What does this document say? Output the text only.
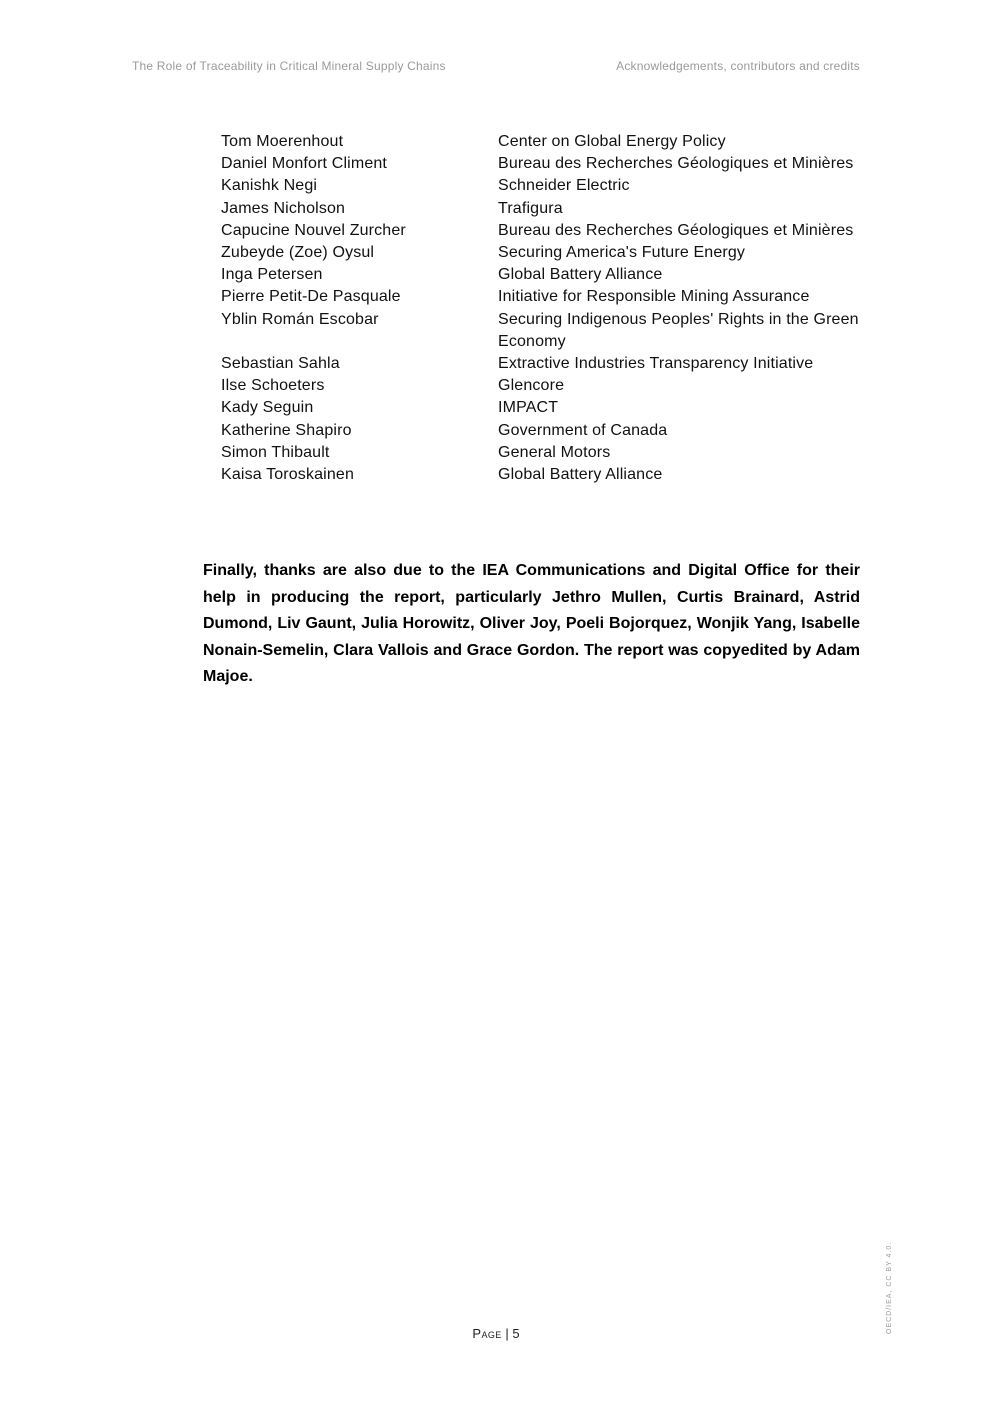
The Role of Traceability in Critical Mineral Supply Chains	Acknowledgements, contributors and credits
Tom Moerenhout	Center on Global Energy Policy
Daniel Monfort Climent	Bureau des Recherches Géologiques et Minières
Kanishk Negi	Schneider Electric
James Nicholson	Trafigura
Capucine Nouvel Zurcher	Bureau des Recherches Géologiques et Minières
Zubeyde (Zoe) Oysul	Securing America's Future Energy
Inga Petersen	Global Battery Alliance
Pierre Petit-De Pasquale	Initiative for Responsible Mining Assurance
Yblin Román Escobar	Securing Indigenous Peoples' Rights in the Green Economy
Sebastian Sahla	Extractive Industries Transparency Initiative
Ilse Schoeters	Glencore
Kady Seguin	IMPACT
Katherine Shapiro	Government of Canada
Simon Thibault	General Motors
Kaisa Toroskainen	Global Battery Alliance

Finally, thanks are also due to the IEA Communications and Digital Office for their help in producing the report, particularly Jethro Mullen, Curtis Brainard, Astrid Dumond, Liv Gaunt, Julia Horowitz, Oliver Joy, Poeli Bojorquez, Wonjik Yang, Isabelle Nonain-Semelin, Clara Vallois and Grace Gordon. The report was copyedited by Adam Majoe.

Page | 5	OECD/IEA, CC BY 4.0.
